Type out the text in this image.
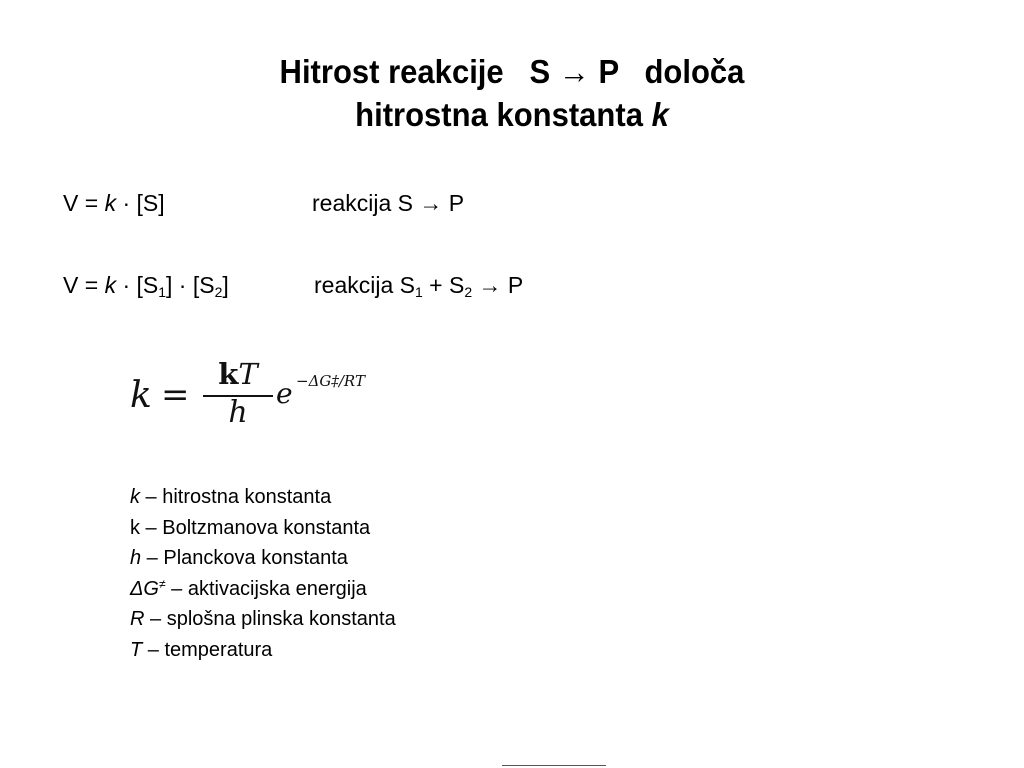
Hitrost reakcije   S → P   določa
hitrostna konstanta k

V = k · [S]

	reakcija S → P

$V = k \cdot [S_1] \cdot [S_2]$

	reakcija $S_1 + S_2 \to P$

k =
kT
h
e −ΔG‡/RT
k – hitrostna konstanta
k – Boltzmanova konstanta
h – Planckova konstanta
ΔG≠ – aktivacijska energija
R – splošna plinska konstanta
T – temperatura
